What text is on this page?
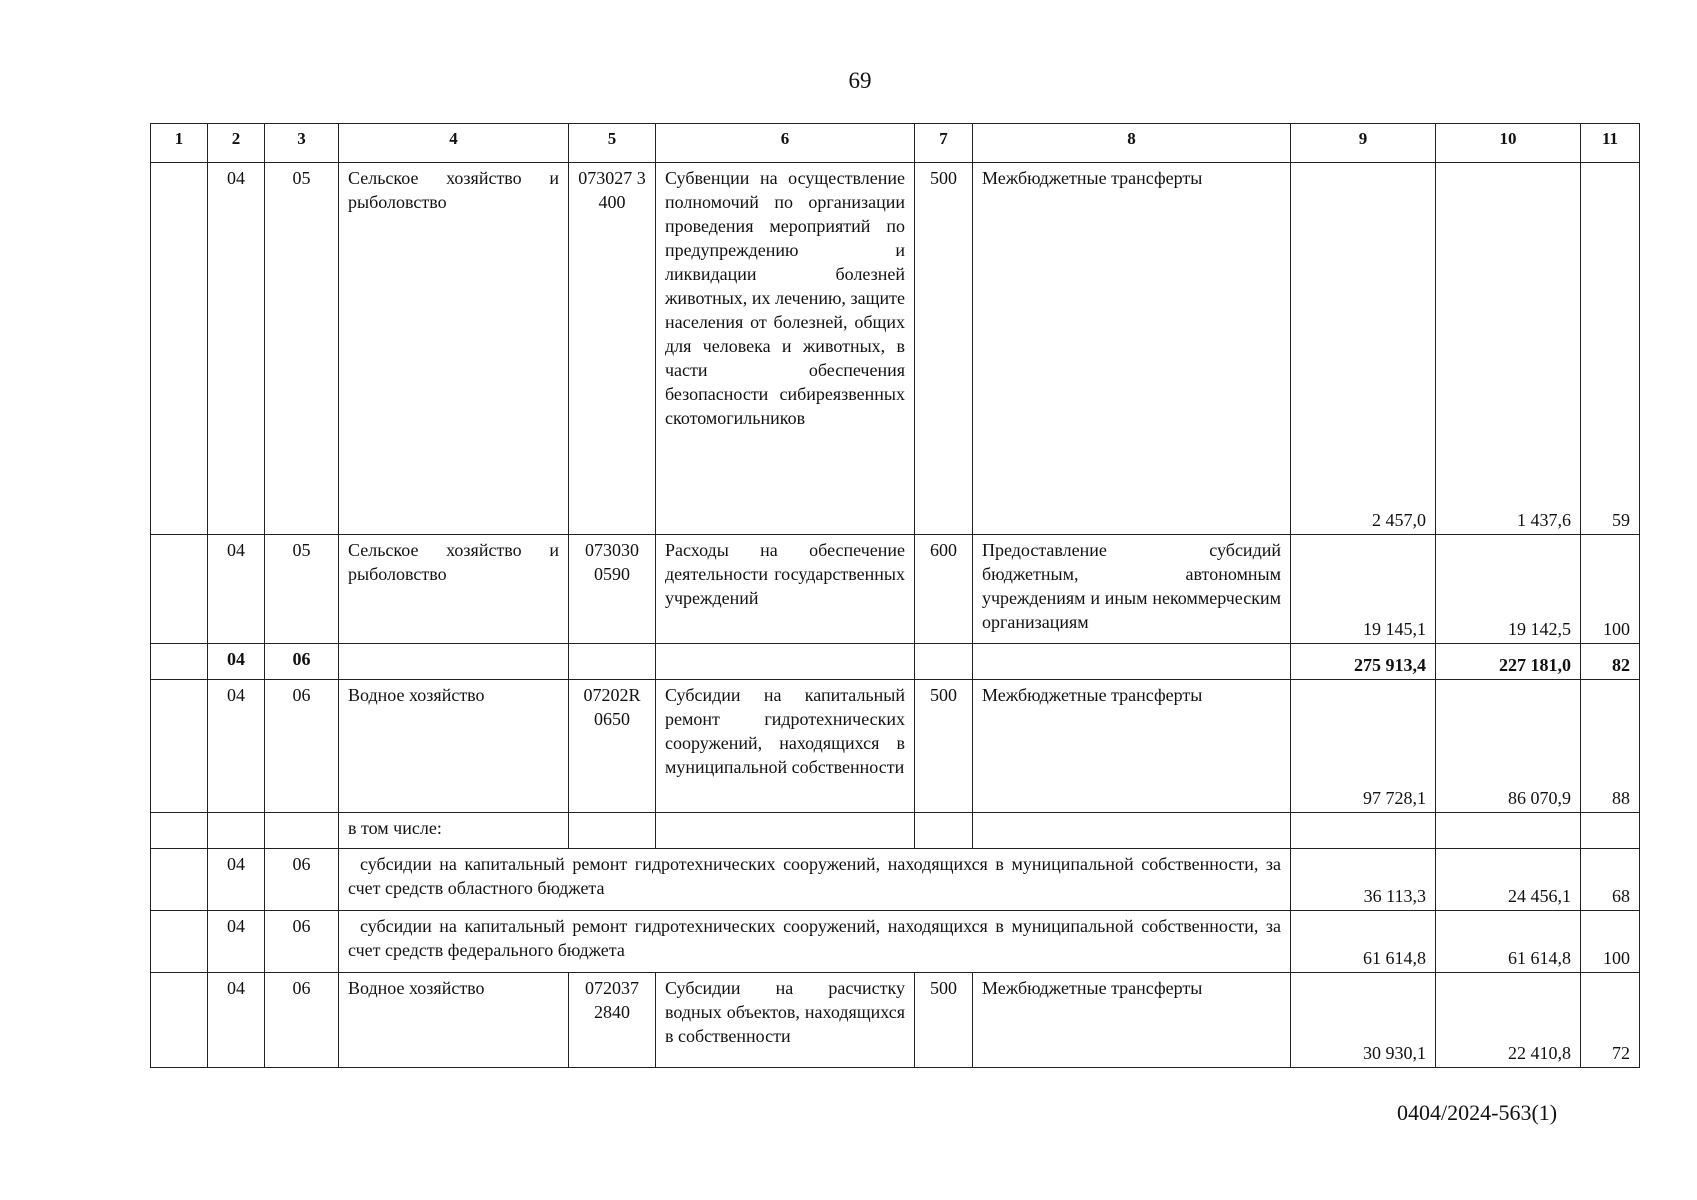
69
1	2	3	4	5	6	7	8	9	10	11
	04	05	Сельское хозяйство и рыболовство	073027 3400	Субвенции на осуществление полномочий по организации проведения мероприятий по предупреждению и ликвидации болезней животных, их лечению, защите населения от болезней, общих для человека и животных, в части обеспечения безопасности сибиреязвенных скотомогильников	500	Межбюджетные трансферты	2 457,0	1 437,6	59
	04	05	Сельское хозяйство и рыболовство	073030 0590	Расходы на обеспечение деятельности государственных учреждений	600	Предоставление субсидий бюджетным, автономным учреждениям и иным некоммерческим организациям	19 145,1	19 142,5	100
	04	06						275 913,4	227 181,0	82
	04	06	Водное хозяйство	07202R 0650	Субсидии на капитальный ремонт гидротехнических сооружений, находящихся в муниципальной собственности	500	Межбюджетные трансферты	97 728,1	86 070,9	88
			в том числе:							
	04	06	субсидии на капитальный ремонт гидротехнических сооружений, находящихся в муниципальной собственности, за счет средств областного бюджета					36 113,3	24 456,1	68
	04	06	субсидии на капитальный ремонт гидротехнических сооружений, находящихся в муниципальной собственности, за счет средств федерального бюджета					61 614,8	61 614,8	100
	04	06	Водное хозяйство	072037 2840	Субсидии на расчистку водных объектов, находящихся в собственности	500	Межбюджетные трансферты	30 930,1	22 410,8	72
0404/2024-563(1)
